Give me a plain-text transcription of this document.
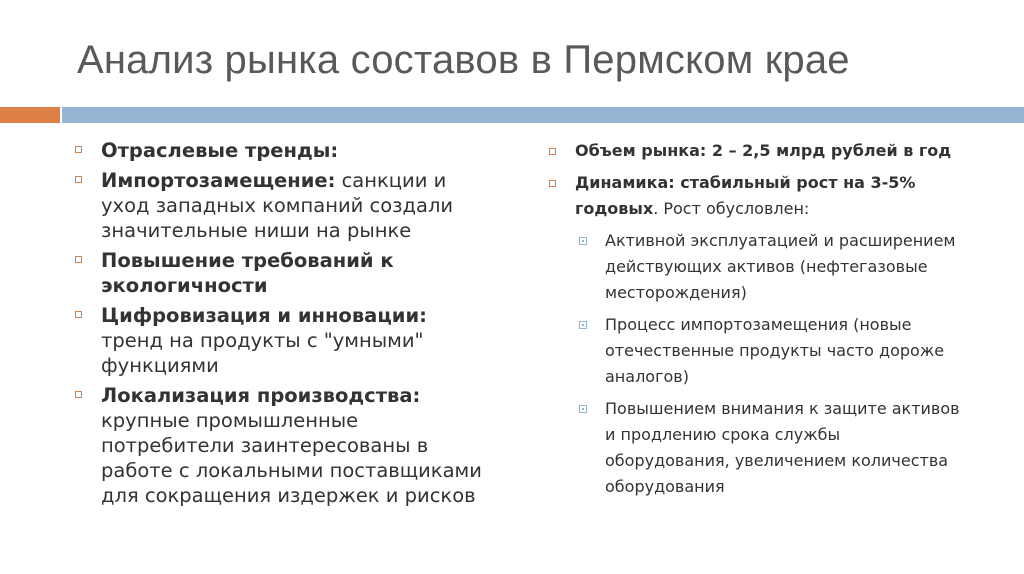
Анализ рынка составов в Пермском крае
Отраслевые тренды:
Импортозамещение: санкции и уход западных компаний создали значительные ниши на рынке
Повышение требований к экологичности
Цифровизация и инновации: тренд на продукты с "умными" функциями
Локализация производства: крупные промышленные потребители заинтересованы в работе с локальными поставщиками для сокращения издержек и рисков
Объем рынка: 2 – 2,5 млрд рублей в год
Динамика: стабильный рост на 3-5% годовых. Рост обусловлен:
Активной эксплуатацией и расширением действующих активов (нефтегазовые месторождения)
Процесс импортозамещения (новые отечественные продукты часто дороже аналогов)
Повышением внимания к защите активов и продлению срока службы оборудования, увеличением количества оборудования
